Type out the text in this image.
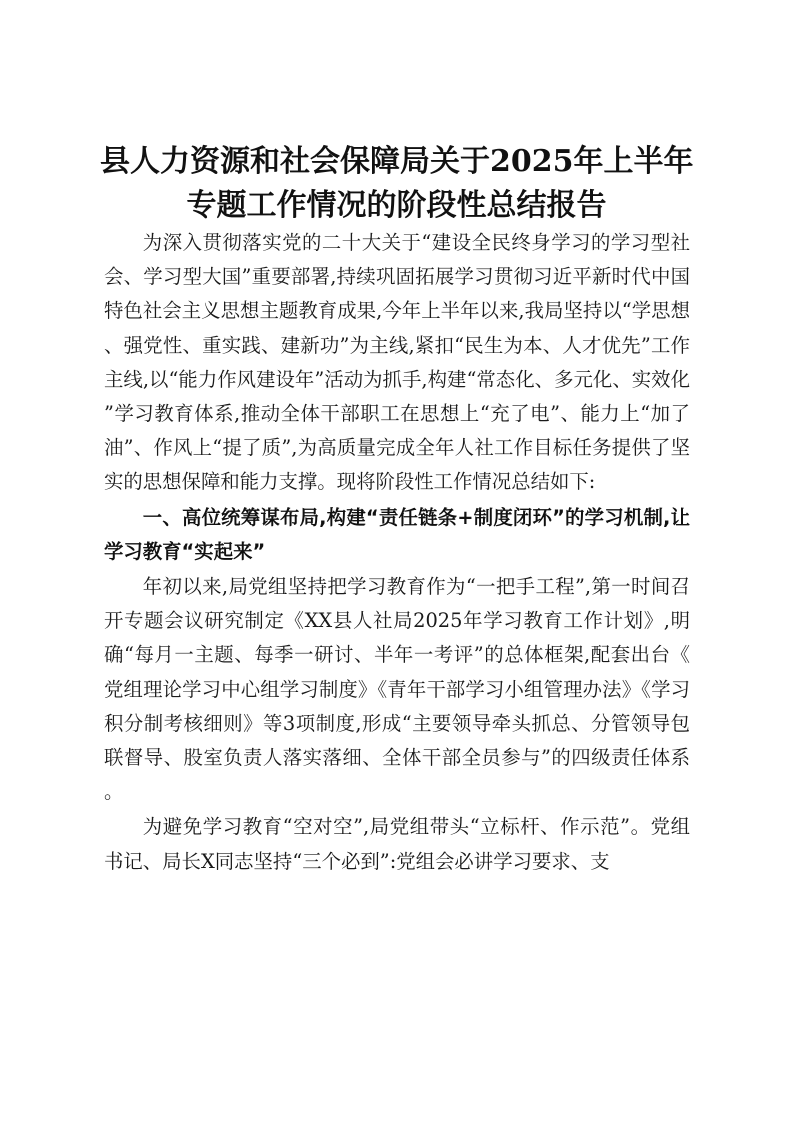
县人力资源和社会保障局关于2025年上半年
专题工作情况的阶段性总结报告

为深入贯彻落实党的二十大关于“建设全民终身学习的学习型社会、学习型大国”重要部署,持续巩固拓展学习贯彻习近平新时代中国特色社会主义思想主题教育成果,今年上半年以来,我局坚持以“学思想、强党性、重实践、建新功”为主线,紧扣“民生为本、人才优先”工作主线,以“能力作风建设年”活动为抓手,构建“常态化、多元化、实效化”学习教育体系,推动全体干部职工在思想上“充了电”、能力上“加了油”、作风上“提了质”,为高质量完成全年人社工作目标任务提供了坚实的思想保障和能力支撑。现将阶段性工作情况总结如下:

一、高位统筹谋布局,构建“责任链条+制度闭环”的学习机制,让学习教育“实起来”

年初以来,局党组坚持把学习教育作为“一把手工程”,第一时间召开专题会议研究制定《XX县人社局2025年学习教育工作计划》,明确“每月一主题、每季一研讨、半年一考评”的总体框架,配套出台《党组理论学习中心组学习制度》《青年干部学习小组管理办法》《学习积分制考核细则》等3项制度,形成“主要领导牵头抓总、分管领导包联督导、股室负责人落实落细、全体干部全员参与”的四级责任体系。

为避免学习教育“空对空”,局党组带头“立标杆、作示范”。党组书记、局长X同志坚持“三个必到”:党组会必讲学习要求、支
